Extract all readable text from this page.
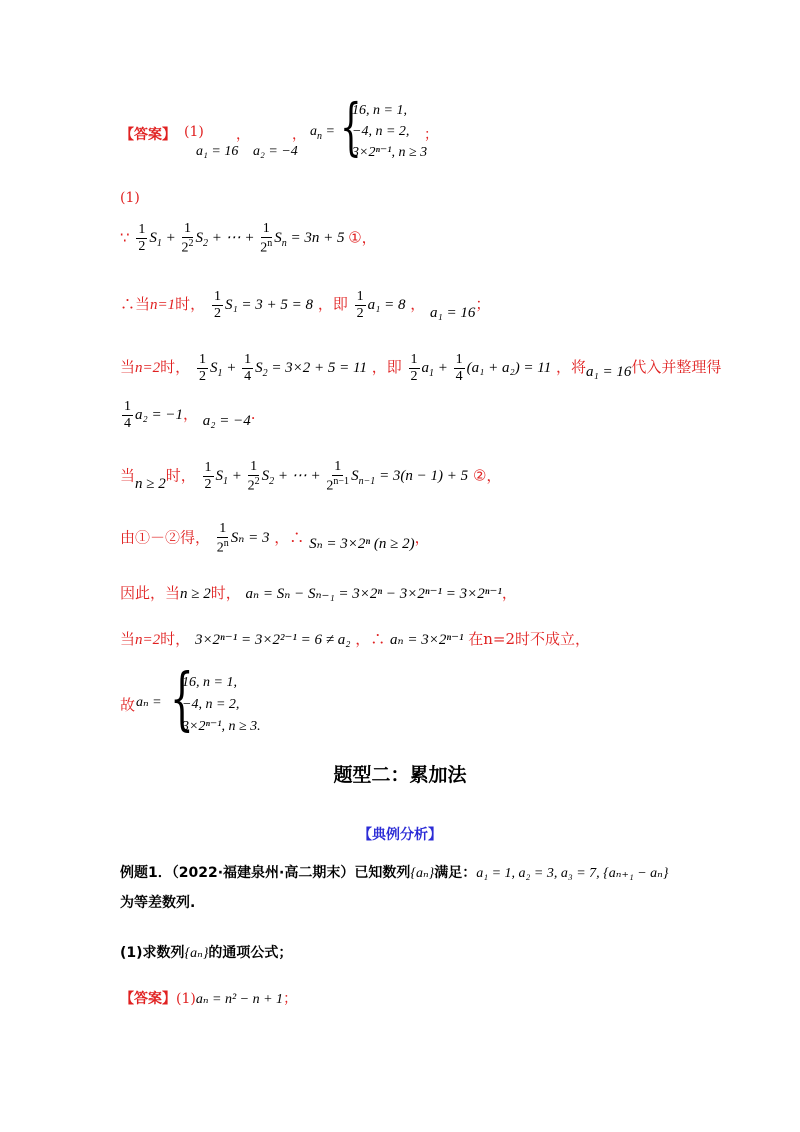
【答案】 (1) ，	，
a₁ = 16 a₂ = −4
$a_n$ = {
16, n = 1,
−4, n = 2,
3×2ⁿ⁻¹, n ≥ 3
；
(1)
∵ $\frac{1}{2} S_1 + \frac{1}{2^2} S_2$ + ⋯ + $\frac{1}{2^n} S_n = 3n + 5$ ①，
∴当n=1时， $\frac{1}{2} S_1 = 3 + 5 = 8$ ，即 $\frac{1}{2} a_1 = 8$ ， a₁ = 16；
当n=2时， $\frac{1}{2} S_1 + \frac{1}{4} S_2 = 3\times 2 + 5 = 11$ ，即 $\frac{1}{2} a_1 + \frac{1}{4} (a_1 + a_2) = 11$ ，将a₁ = 16代入并整理得
$\frac{1}{4} a_2 = -1$， a₂ = −4.
当n ≥ 2时， $\frac{1}{2} S_1 + \frac{1}{2^2} S_2$ + ⋯ + $\frac{1}{2^{n-1}} S_{n-1} = 3(n - 1) + 5$ ②，
由①－②得， $\frac{1}{2^n}$ Sₙ = 3 ，∴ Sₙ = 3×2ⁿ (n ≥ 2)，
因此，当n ≥ 2时， aₙ = Sₙ − Sₙ₋₁ = 3×2ⁿ − 3×2ⁿ⁻¹ = 3×2ⁿ⁻¹，
当n=2时， 3×2ⁿ⁻¹ = 3×2²⁻¹ = 6 ≠ a₂ ，∴ aₙ = 3×2ⁿ⁻¹ 在n=2时不成立，
故 aₙ = {
16, n = 1,
−4, n = 2,
3×2ⁿ⁻¹, n ≥ 3.
题型二：累加法
【典例分析】
例题1．（2022·福建泉州·高二期末）已知数列{aₙ}满足：a₁ = 1, a₂ = 3, a₃ = 7, {aₙ₊₁ − aₙ}
为等差数列.
(1)求数列{aₙ}的通项公式；
【答案】(1)aₙ = n² − n + 1；
